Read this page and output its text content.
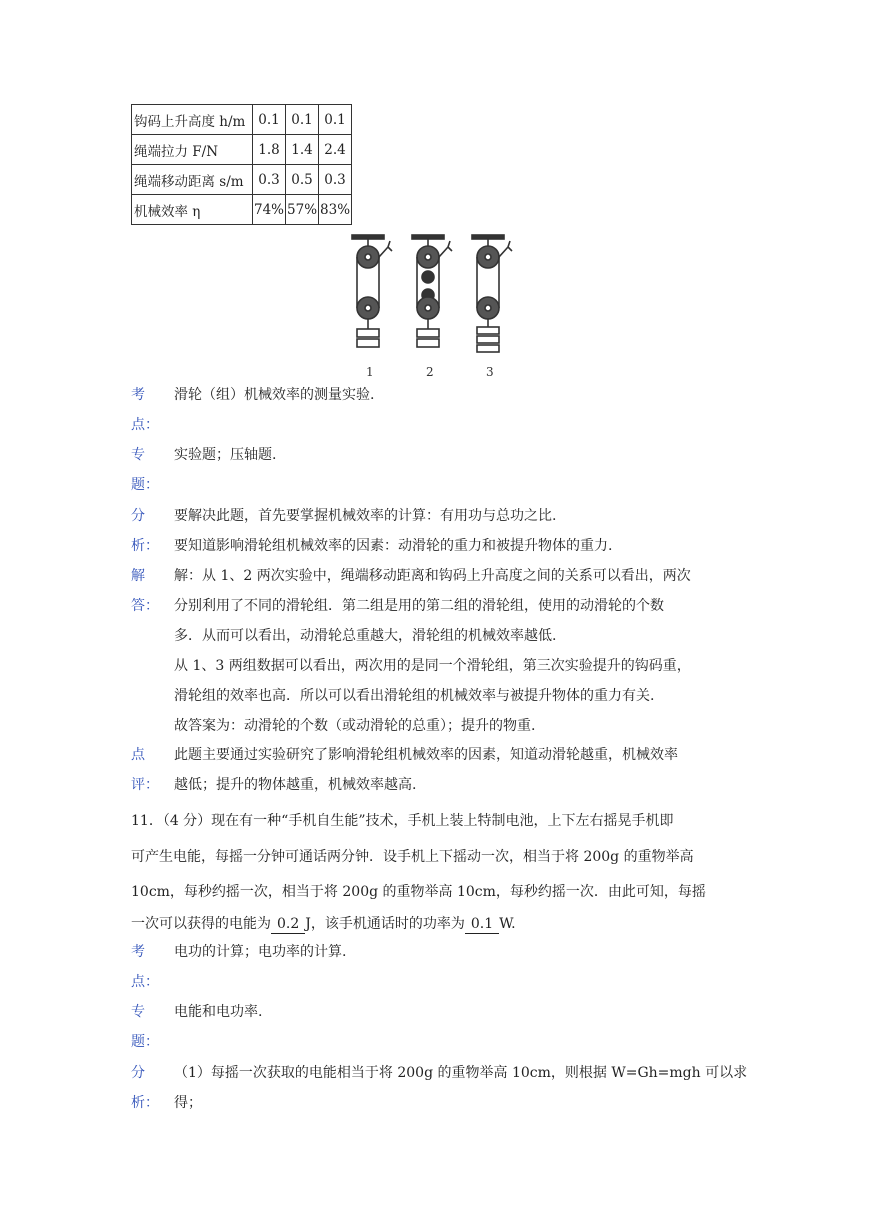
钩码上升高度 h/m	0.1	0.1	0.1
绳端拉力 F/N	1.8	1.4	2.4
绳端移动距离 s/m	0.3	0.5	0.3
机械效率 η	74%	57%	83%
1	2	3
考
点：
滑轮（组）机械效率的测量实验.
专
题：
实验题；压轴题.
分
析：
要解决此题，首先要掌握机械效率的计算：有用功与总功之比.
要知道影响滑轮组机械效率的因素：动滑轮的重力和被提升物体的重力.
解
答：
解：从 1、2 两次实验中，绳端移动距离和钩码上升高度之间的关系可以看出，两次
分别利用了不同的滑轮组．第二组是用的第二组的滑轮组，使用的动滑轮的个数
多．从而可以看出，动滑轮总重越大，滑轮组的机械效率越低.
从 1、3 两组数据可以看出，两次用的是同一个滑轮组，第三次实验提升的钩码重，
滑轮组的效率也高．所以可以看出滑轮组的机械效率与被提升物体的重力有关.
故答案为：动滑轮的个数（或动滑轮的总重）；提升的物重.
点
评：
此题主要通过实验研究了影响滑轮组机械效率的因素，知道动滑轮越重，机械效率
越低；提升的物体越重，机械效率越高.
11．（4 分）现在有一种“手机自生能”技术，手机上装上特制电池，上下左右摇晃手机即
可产生电能，每摇一分钟可通话两分钟．设手机上下摇动一次，相当于将 200g 的重物举高
10cm，每秒约摇一次，相当于将 200g 的重物举高 10cm，每秒约摇一次．由此可知，每摇
一次可以获得的电能为 0.2 J，该手机通话时的功率为 0.1 W.
考
点：
电功的计算；电功率的计算.
专
题：
电能和电功率.
分
析：
（1）每摇一次获取的电能相当于将 200g 的重物举高 10cm，则根据 W=Gh=mgh 可以求
得；
